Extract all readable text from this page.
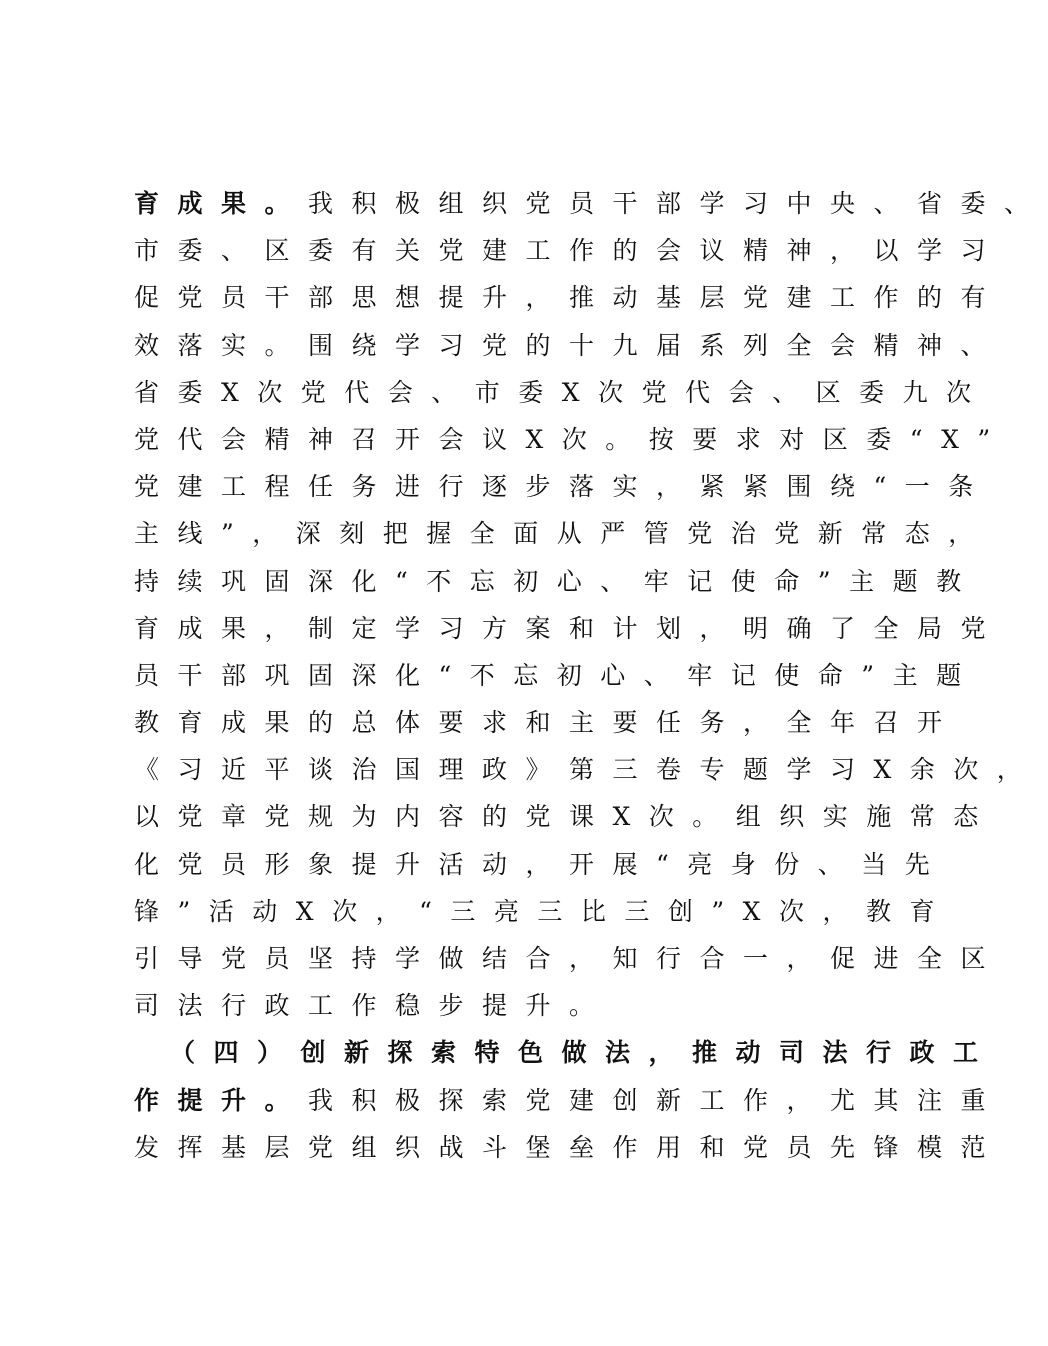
育成果。我积极组织党员干部学习中央、省委、
市委、区委有关党建工作的会议精神，以学习
促党员干部思想提升，推动基层党建工作的有
效落实。围绕学习党的十九届系列全会精神、
省委X次党代会、市委X次党代会、区委九次
党代会精神召开会议X次。按要求对区委“X”
党建工程任务进行逐步落实，紧紧围绕“一条
主线”，深刻把握全面从严管党治党新常态，
持续巩固深化“不忘初心、牢记使命”主题教
育成果，制定学习方案和计划，明确了全局党
员干部巩固深化“不忘初心、牢记使命”主题
教育成果的总体要求和主要任务，全年召开
《习近平谈治国理政》第三卷专题学习X余次，
以党章党规为内容的党课X次。组织实施常态
化党员形象提升活动，开展“亮身份、当先
锋”活动X次，“三亮三比三创”X次，教育
引导党员坚持学做结合，知行合一，促进全区
司法行政工作稳步提升。
（四）创新探索特色做法，推动司法行政工
作提升。我积极探索党建创新工作，尤其注重
发挥基层党组织战斗堡垒作用和党员先锋模范
